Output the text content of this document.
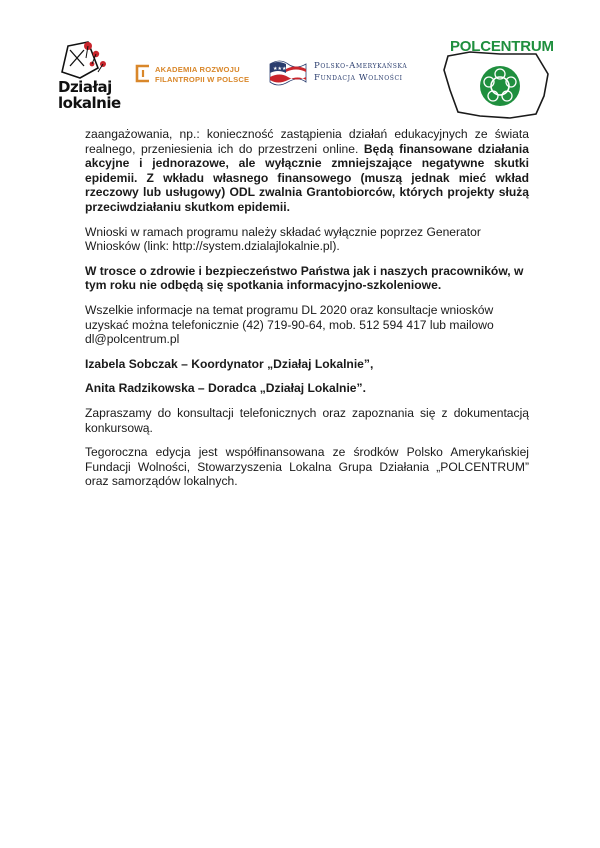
Działaj
lokalnie
AKADEMIA ROZWOJU
FILANTROPII W POLSCE
★★★	Polsko-Amerykańska
Fundacja Wolności
POLCENTRUM

zaangażowania, np.: konieczność zastąpienia działań edukacyjnych ze świata realnego, przeniesienia ich do przestrzeni online. Będą finansowane działania akcyjne i jednorazowe, ale wyłącznie zmniejszające negatywne skutki epidemii. Z wkładu własnego finansowego (muszą jednak mieć wkład rzeczowy lub usługowy) ODL zwalnia Grantobiorców, których projekty służą przeciwdziałaniu skutkom epidemii.

Wnioski w ramach programu należy składać wyłącznie poprzez Generator Wniosków (link: http://system.dzialajlokalnie.pl).

W trosce o zdrowie i bezpieczeństwo Państwa jak i naszych pracowników, w tym roku nie odbędą się spotkania informacyjno-szkoleniowe.

Wszelkie informacje na temat programu DL 2020 oraz konsultacje wniosków uzyskać można telefonicznie (42) 719-90-64, mob. 512 594 417 lub mailowo dl@polcentrum.pl

Izabela Sobczak – Koordynator „Działaj Lokalnie”,

Anita Radzikowska – Doradca „Działaj Lokalnie”.

Zapraszamy do konsultacji telefonicznych oraz zapoznania się z dokumentacją konkursową.

Tegoroczna edycja jest współfinansowana ze środków Polsko Amerykańskiej Fundacji Wolności, Stowarzyszenia Lokalna Grupa Działania „POLCENTRUM” oraz samorządów lokalnych.
